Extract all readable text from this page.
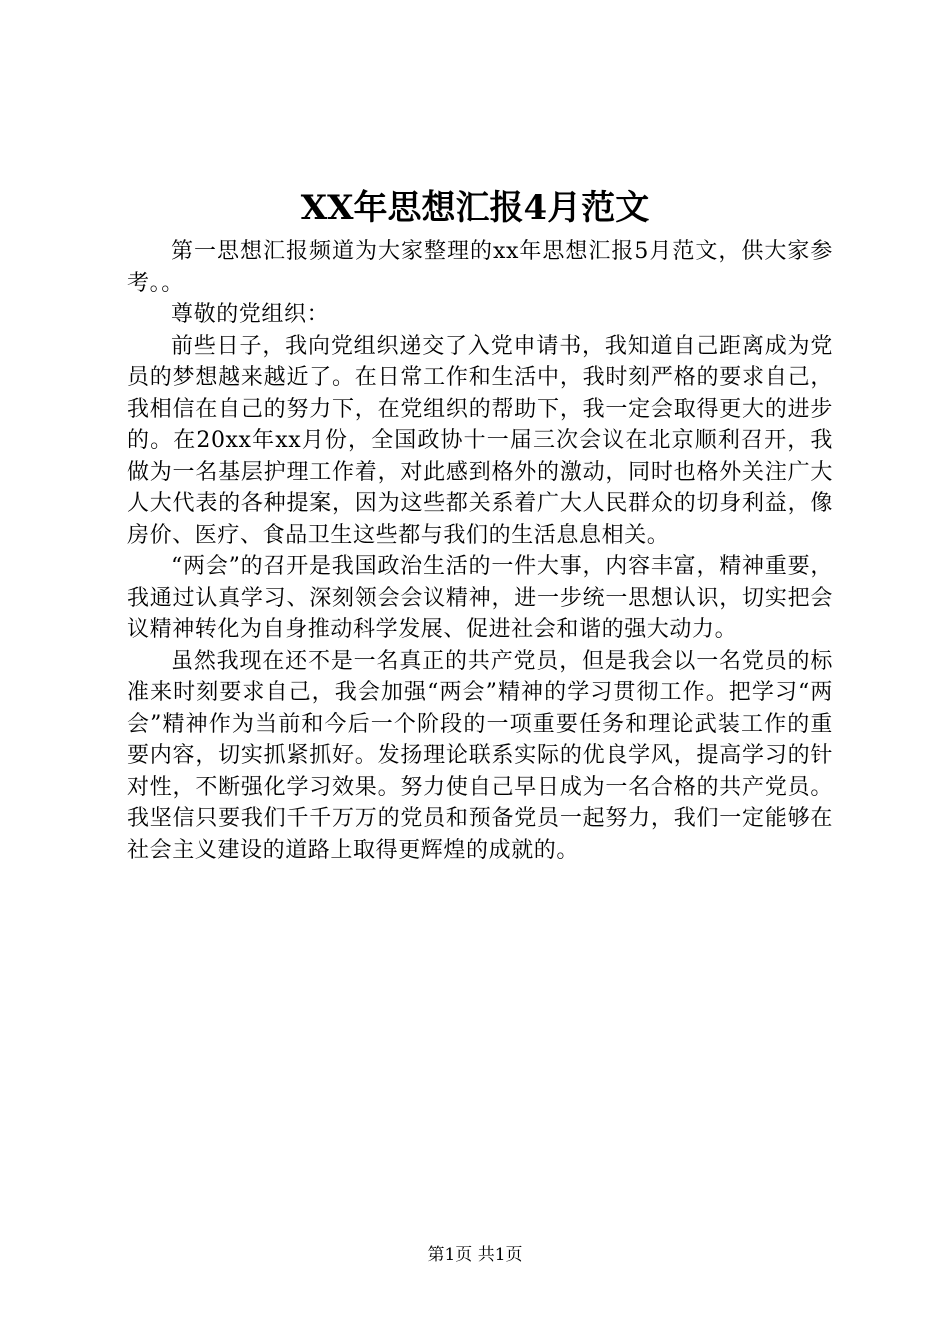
XX年思想汇报4月范文

第一思想汇报频道为大家整理的xx年思想汇报5月范文，供大家参考。。

尊敬的党组织：

前些日子，我向党组织递交了入党申请书，我知道自己距离成为党员的梦想越来越近了。在日常工作和生活中，我时刻严格的要求自己，我相信在自己的努力下，在党组织的帮助下，我一定会取得更大的进步的。在20xx年xx月份，全国政协十一届三次会议在北京顺利召开，我做为一名基层护理工作着，对此感到格外的激动，同时也格外关注广大人大代表的各种提案，因为这些都关系着广大人民群众的切身利益，像房价、医疗、食品卫生这些都与我们的生活息息相关。

“两会”的召开是我国政治生活的一件大事，内容丰富，精神重要，我通过认真学习、深刻领会会议精神，进一步统一思想认识，切实把会议精神转化为自身推动科学发展、促进社会和谐的强大动力。

虽然我现在还不是一名真正的共产党员，但是我会以一名党员的标准来时刻要求自己，我会加强“两会”精神的学习贯彻工作。把学习“两会”精神作为当前和今后一个阶段的一项重要任务和理论武装工作的重要内容，切实抓紧抓好。发扬理论联系实际的优良学风，提高学习的针对性，不断强化学习效果。努力使自己早日成为一名合格的共产党员。我坚信只要我们千千万万的党员和预备党员一起努力，我们一定能够在社会主义建设的道路上取得更辉煌的成就的。

第1页 共1页
